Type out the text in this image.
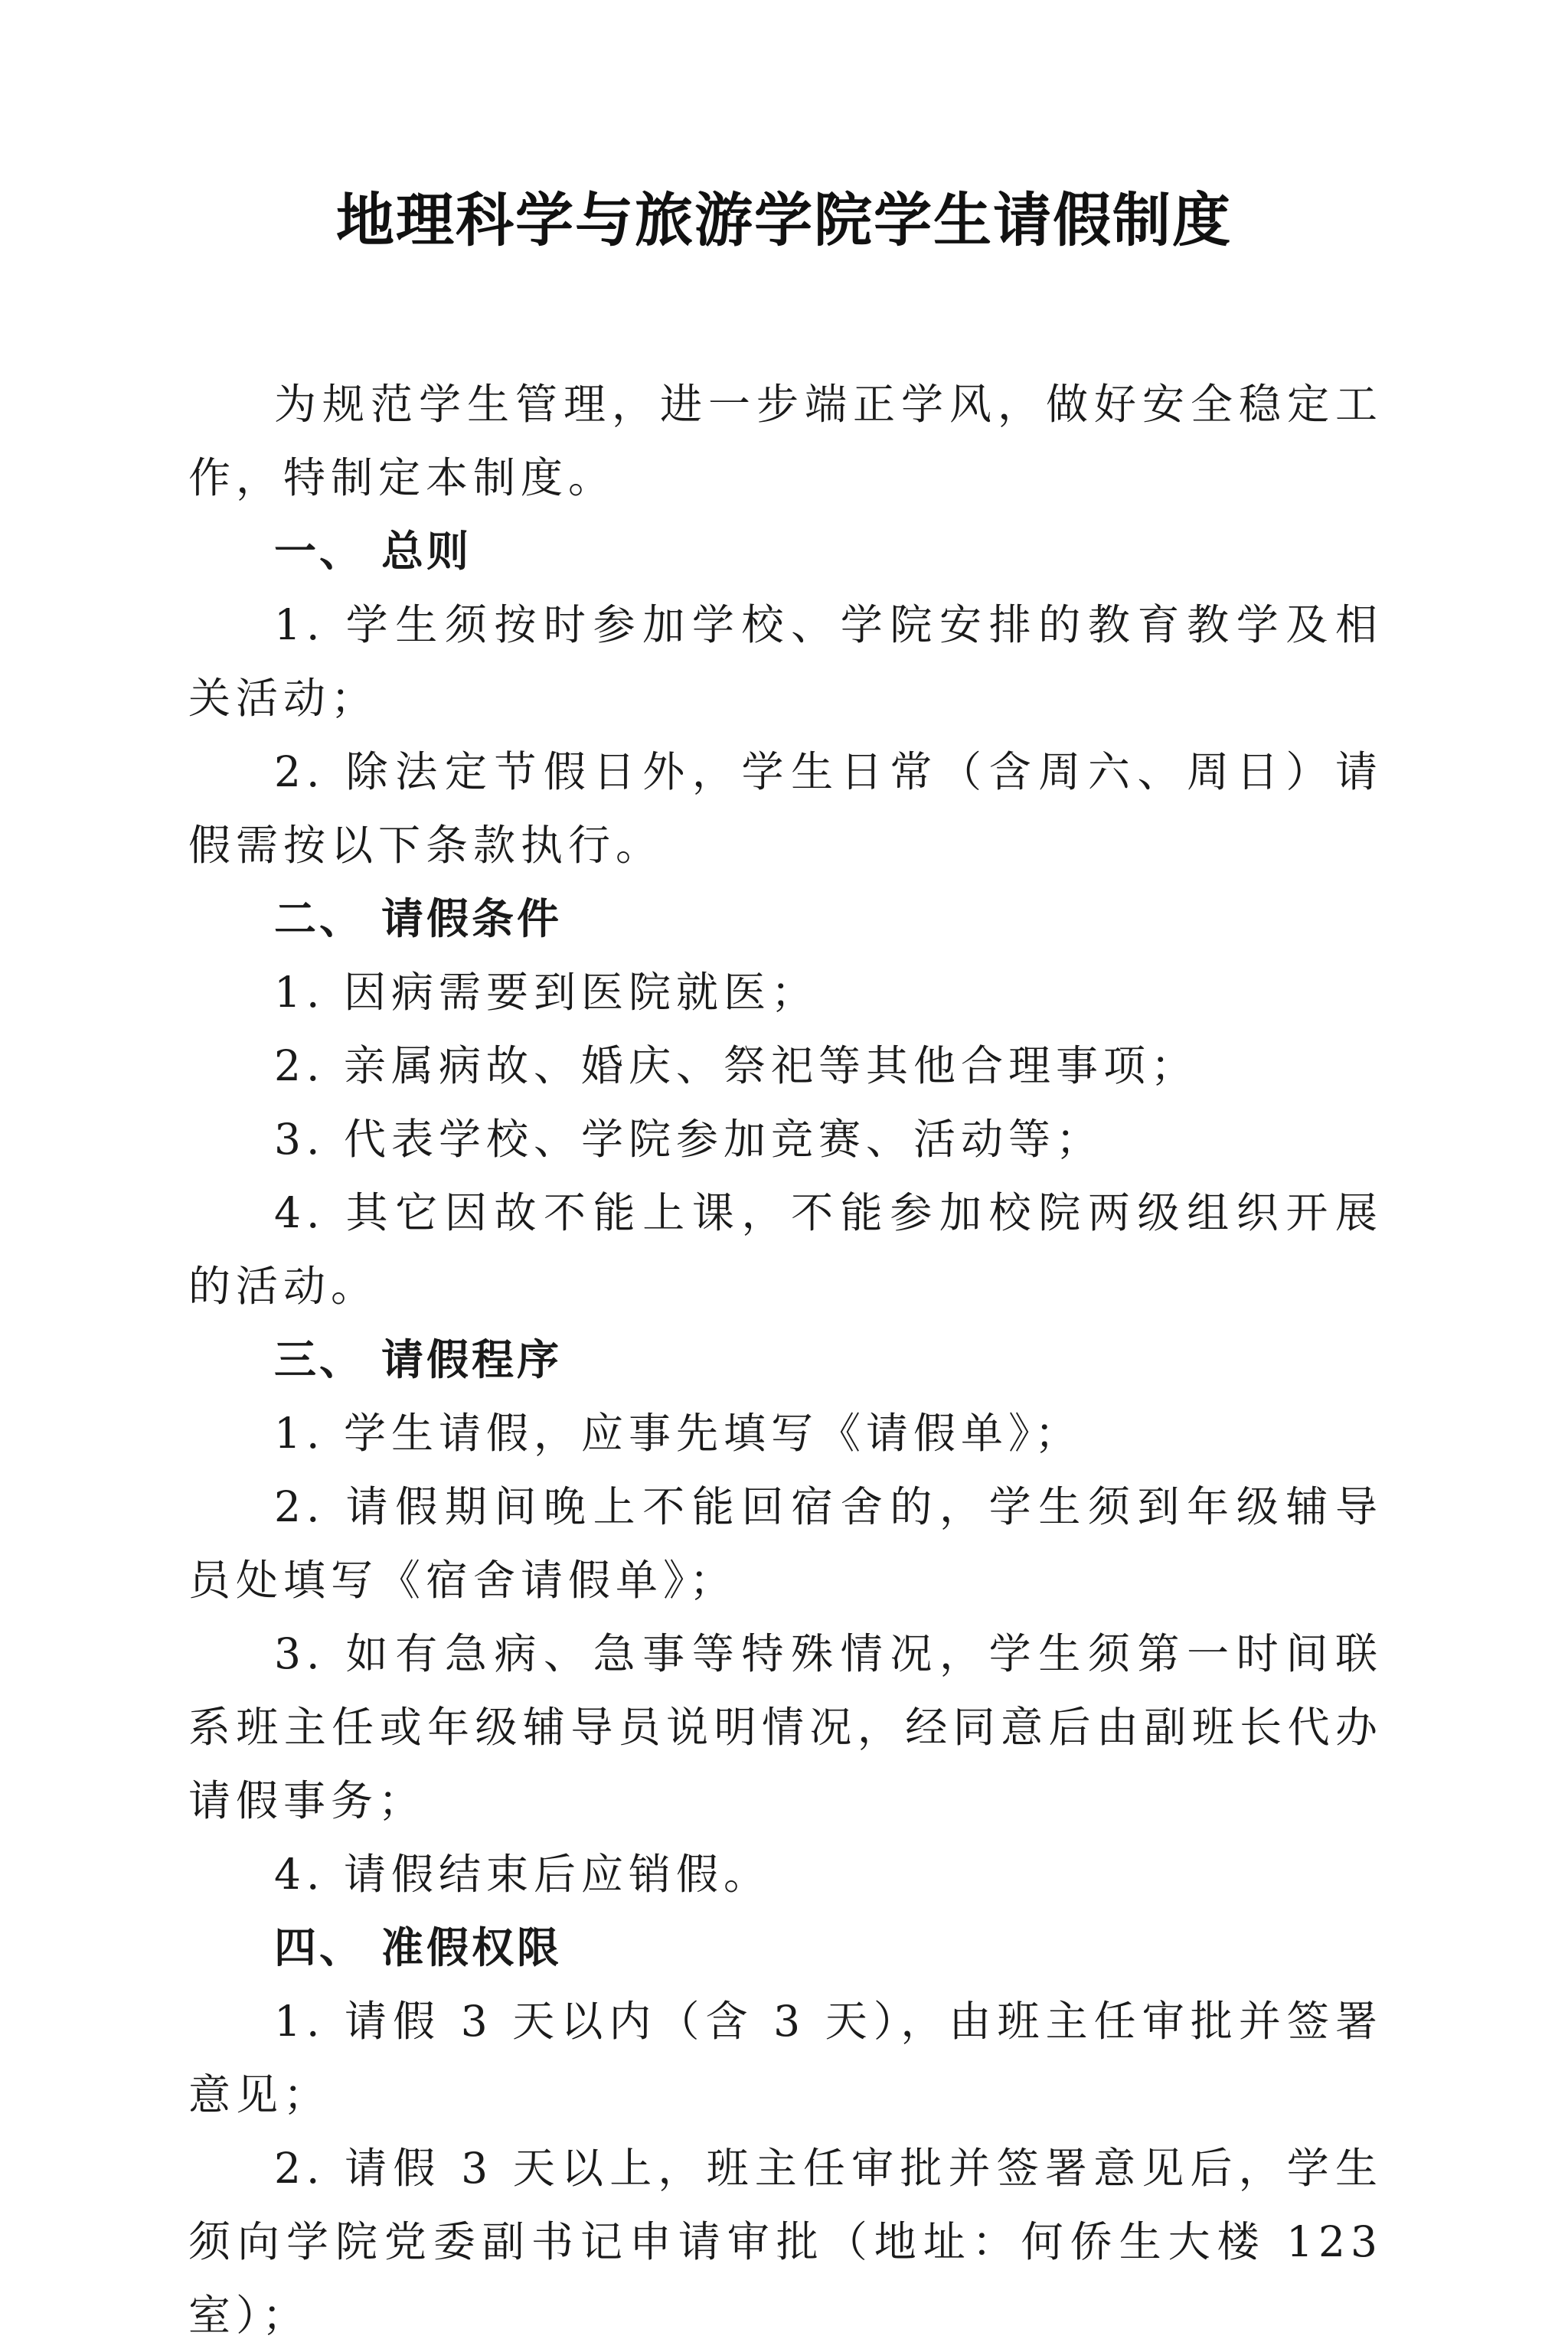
地理科学与旅游学院学生请假制度

为规范学生管理，进一步端正学风，做好安全稳定工作，特制定本制度。

一、 总则

1. 学生须按时参加学校、学院安排的教育教学及相关活动；

2. 除法定节假日外，学生日常（含周六、周日）请假需按以下条款执行。

二、 请假条件

1. 因病需要到医院就医；

2. 亲属病故、婚庆、祭祀等其他合理事项；

3. 代表学校、学院参加竞赛、活动等；

4. 其它因故不能上课，不能参加校院两级组织开展的活动。

三、 请假程序

1. 学生请假，应事先填写《请假单》；

2. 请假期间晚上不能回宿舍的，学生须到年级辅导员处填写《宿舍请假单》；

3. 如有急病、急事等特殊情况，学生须第一时间联系班主任或年级辅导员说明情况，经同意后由副班长代办请假事务；

4. 请假结束后应销假。

四、 准假权限

1. 请假 3 天以内（含 3 天），由班主任审批并签署意见；

2. 请假 3 天以上，班主任审批并签署意见后，学生须向学院党委副书记申请审批（地址：何侨生大楼 123 室）；
